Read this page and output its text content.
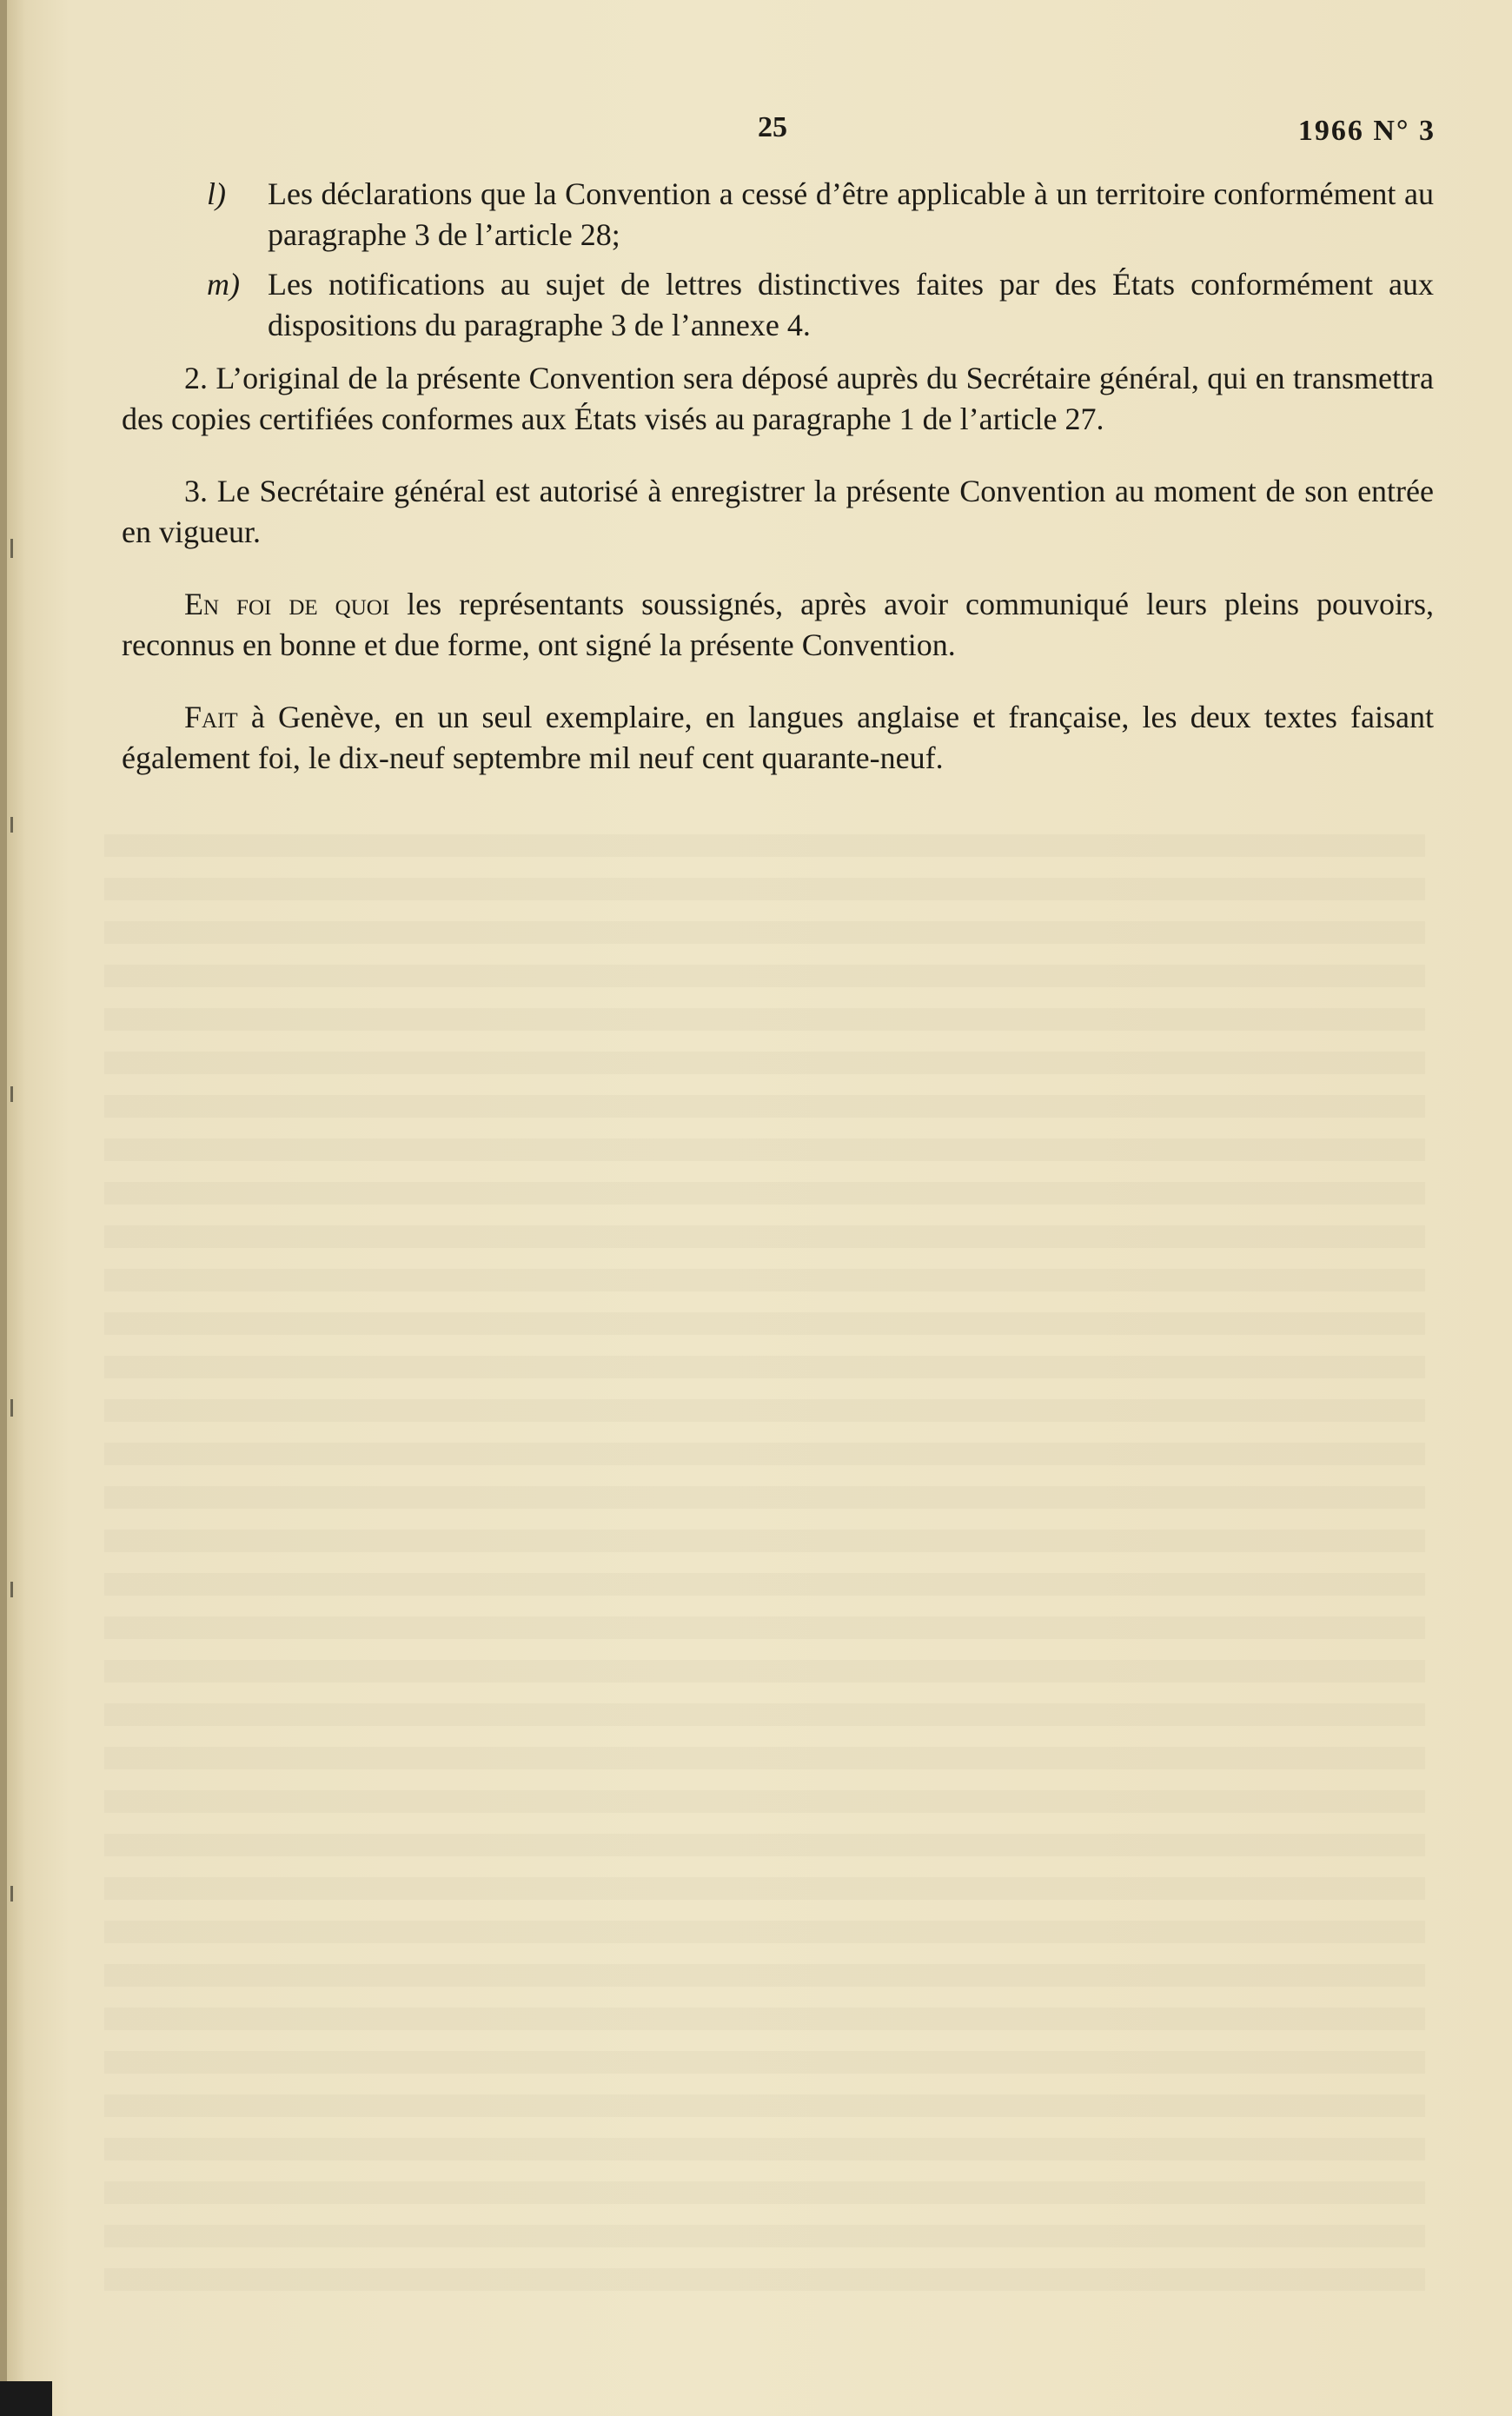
25	1966 N° 3
l) Les déclarations que la Convention a cessé d’être applicable à un territoire conformément au paragraphe 3 de l’article 28;
m) Les notifications au sujet de lettres distinctives faites par des États conformément aux dispositions du paragraphe 3 de l’annexe 4.

2. L’original de la présente Convention sera déposé auprès du Secrétaire général, qui en transmettra des copies certifiées conformes aux États visés au paragraphe 1 de l’article 27.

3. Le Secrétaire général est autorisé à enregistrer la présente Convention au moment de son entrée en vigueur.

En foi de quoi les représentants soussignés, après avoir communiqué leurs pleins pouvoirs, reconnus en bonne et due forme, ont signé la présente Convention.

Fait à Genève, en un seul exemplaire, en langues anglaise et française, les deux textes faisant également foi, le dix-neuf septembre mil neuf cent quarante-neuf.
